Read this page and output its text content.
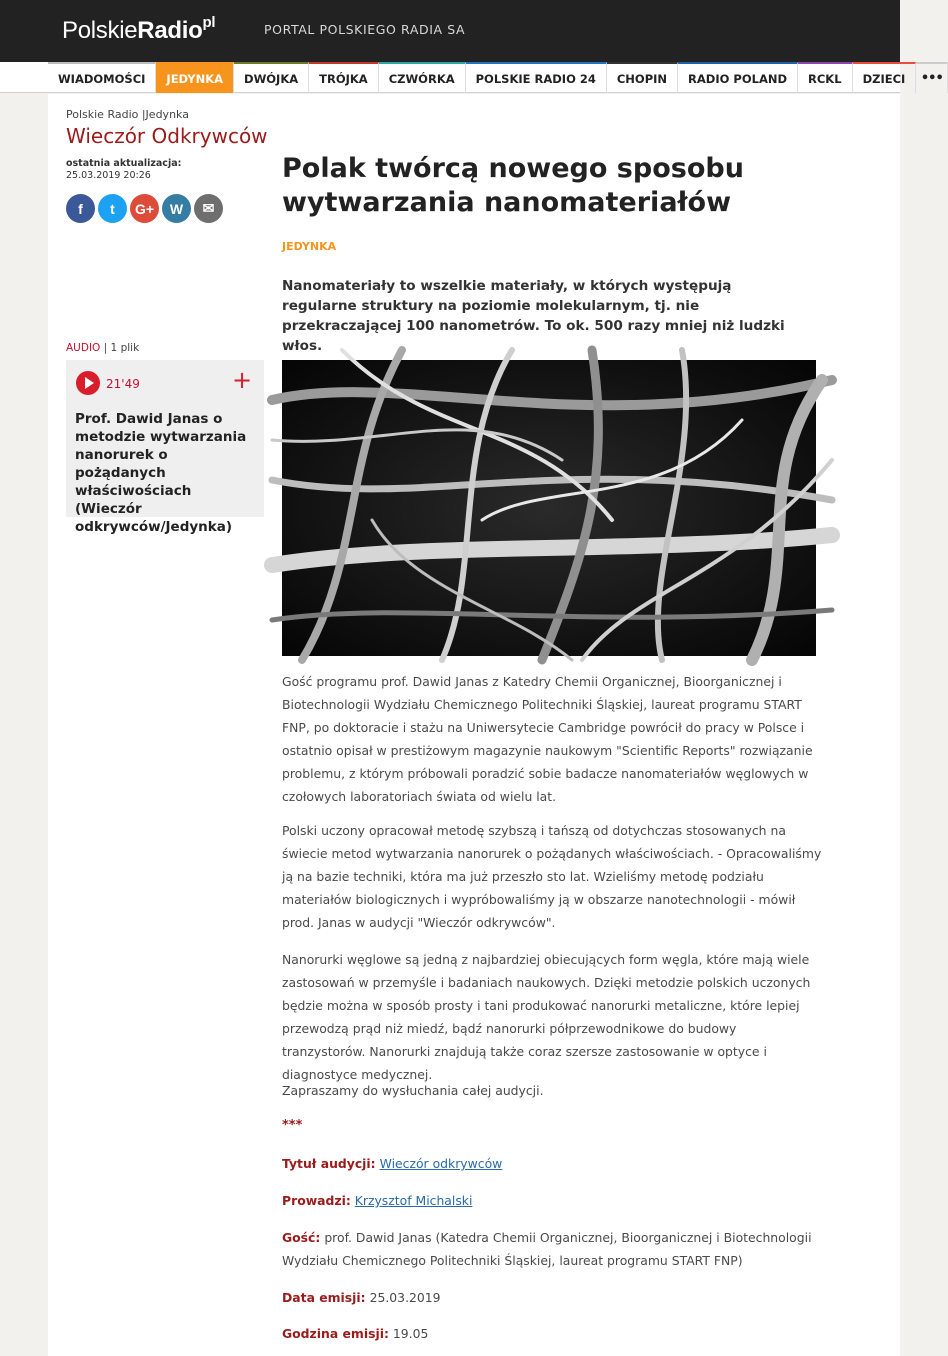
PolskieRadio$^{pl}$	PORTAL POLSKIEGO RADIA SA
WIADOMOŚCI	JEDYNKA	DWÓJKA	TRÓJKA	CZWÓRKA	POLSKIE RADIO 24	CHOPIN	RADIO POLAND	RCKL	DZIECI	•••
Polskie Radio |Jedynka
Wieczór Odkrywców
ostatnia aktualizacja:
25.03.2019 20:26
f	t	G+	W	✉
AUDIO | 1 plik
21'49	+
Prof. Dawid Janas o metodzie wytwarzania nanorurek o pożądanych właściwościach (Wieczór odkrywców/Jedynka)
Polak twórcą nowego sposobu wytwarzania nanomateriałów
JEDYNKA
Nanomateriały to wszelkie materiały, w których występują regularne struktury na poziomie molekularnym, tj. nie przekraczającej 100 nanometrów. To ok. 500 razy mniej niż ludzki włos.
Gość programu prof. Dawid Janas z Katedry Chemii Organicznej, Bioorganicznej i Biotechnologii Wydziału Chemicznego Politechniki Śląskiej, laureat programu START FNP, po doktoracie i stażu na Uniwersytecie Cambridge powrócił do pracy w Polsce i ostatnio opisał w prestiżowym magazynie naukowym "Scientific Reports" rozwiązanie problemu, z którym próbowali poradzić sobie badacze nanomateriałów węglowych w czołowych laboratoriach świata od wielu lat.
Polski uczony opracował metodę szybszą i tańszą od dotychczas stosowanych na świecie metod wytwarzania nanorurek o pożądanych właściwościach. - Opracowaliśmy ją na bazie techniki, która ma już przeszło sto lat. Wzieliśmy metodę podziału materiałów biologicznych i wypróbowaliśmy ją w obszarze nanotechnologii - mówił prod. Janas w audycji "Wieczór odkrywców".
Nanorurki węglowe są jedną z najbardziej obiecujących form węgla, które mają wiele zastosowań w przemyśle i badaniach naukowych. Dzięki metodzie polskich uczonych będzie można w sposób prosty i tani produkować nanorurki metaliczne, które lepiej przewodzą prąd niż miedź, bądź nanorurki półprzewodnikowe do budowy tranzystorów. Nanorurki znajdują także coraz szersze zastosowanie w optyce i diagnostyce medycznej.
Zapraszamy do wysłuchania całej audycji.
***
Tytuł audycji: Wieczór odkrywców
Prowadzi: Krzysztof Michalski
Gość: prof. Dawid Janas (Katedra Chemii Organicznej, Bioorganicznej i Biotechnologii Wydziału Chemicznego Politechniki Śląskiej, laureat programu START FNP)
Data emisji: 25.03.2019
Godzina emisji: 19.05
